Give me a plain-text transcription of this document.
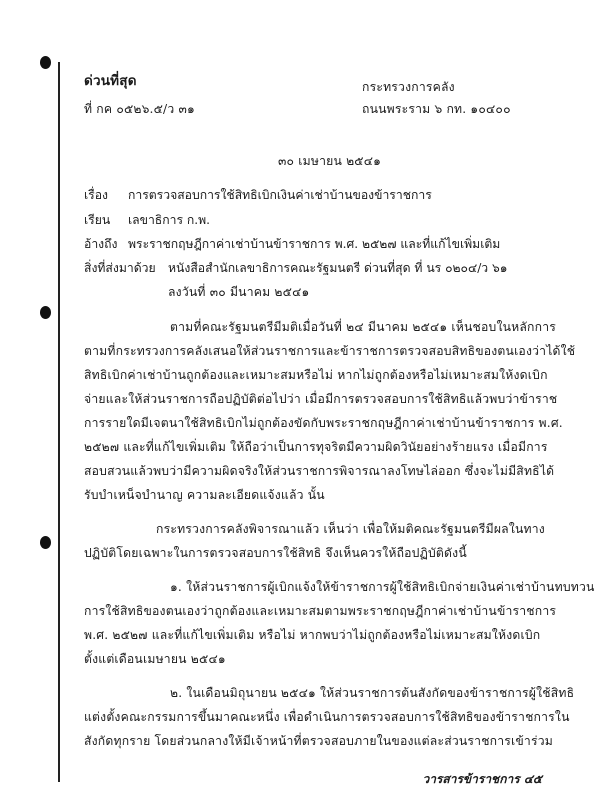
ด่วนที่สุด	กระทรวงการคลัง
ที่ กค ๐๕๒๖.๕/ว ๓๑	ถนนพระราม ๖ กท. ๑๐๔๐๐
๓๐ เมษายน ๒๕๔๑
เรื่อง การตรวจสอบการใช้สิทธิเบิกเงินค่าเช่าบ้านของข้าราชการ
เรียน เลขาธิการ ก.พ.
อ้างถึง พระราชกฤษฎีกาค่าเช่าบ้านข้าราชการ พ.ศ. ๒๕๒๗ และที่แก้ไขเพิ่มเติม
สิ่งที่ส่งมาด้วย หนังสือสำนักเลขาธิการคณะรัฐมนตรี ด่วนที่สุด ที่ นร ๐๒๐๔/ว ๖๑
ลงวันที่ ๓๐ มีนาคม ๒๕๔๑
ตามที่คณะรัฐมนตรีมีมติเมื่อวันที่ ๒๔ มีนาคม ๒๕๔๑ เห็นชอบในหลักการ
ตามที่กระทรวงการคลังเสนอให้ส่วนราชการและข้าราชการตรวจสอบสิทธิของตนเองว่าได้ใช้
สิทธิเบิกค่าเช่าบ้านถูกต้องและเหมาะสมหรือไม่ หากไม่ถูกต้องหรือไม่เหมาะสมให้งดเบิก
จ่ายและให้ส่วนราชการถือปฏิบัติต่อไปว่า เมื่อมีการตรวจสอบการใช้สิทธิแล้วพบว่าข้าราช
การรายใดมีเจตนาใช้สิทธิเบิกไม่ถูกต้องขัดกับพระราชกฤษฎีกาค่าเช่าบ้านข้าราชการ พ.ศ.
๒๕๒๗ และที่แก้ไขเพิ่มเติม ให้ถือว่าเป็นการทุจริตมีความผิดวินัยอย่างร้ายแรง เมื่อมีการ
สอบสวนแล้วพบว่ามีความผิดจริงให้ส่วนราชการพิจารณาลงโทษไล่ออก ซึ่งจะไม่มีสิทธิได้
รับบำเหน็จบำนาญ ความละเอียดแจ้งแล้ว นั้น
กระทรวงการคลังพิจารณาแล้ว เห็นว่า เพื่อให้มติคณะรัฐมนตรีมีผลในทาง
ปฏิบัติโดยเฉพาะในการตรวจสอบการใช้สิทธิ จึงเห็นควรให้ถือปฏิบัติดังนี้
๑. ให้ส่วนราชการผู้เบิกแจ้งให้ข้าราชการผู้ใช้สิทธิเบิกจ่ายเงินค่าเช่าบ้านทบทวน
การใช้สิทธิของตนเองว่าถูกต้องและเหมาะสมตามพระราชกฤษฎีกาค่าเช่าบ้านข้าราชการ
พ.ศ. ๒๕๒๗ และที่แก้ไขเพิ่มเติม หรือไม่ หากพบว่าไม่ถูกต้องหรือไม่เหมาะสมให้งดเบิก
ตั้งแต่เดือนเมษายน ๒๕๔๑
๒. ในเดือนมิถุนายน ๒๕๔๑ ให้ส่วนราชการต้นสังกัดของข้าราชการผู้ใช้สิทธิ
แต่งตั้งคณะกรรมการขึ้นมาคณะหนึ่ง เพื่อดำเนินการตรวจสอบการใช้สิทธิของข้าราชการใน
สังกัดทุกราย โดยส่วนกลางให้มีเจ้าหน้าที่ตรวจสอบภายในของแต่ละส่วนราชการเข้าร่วม
วารสารข้าราชการ ๔๕
